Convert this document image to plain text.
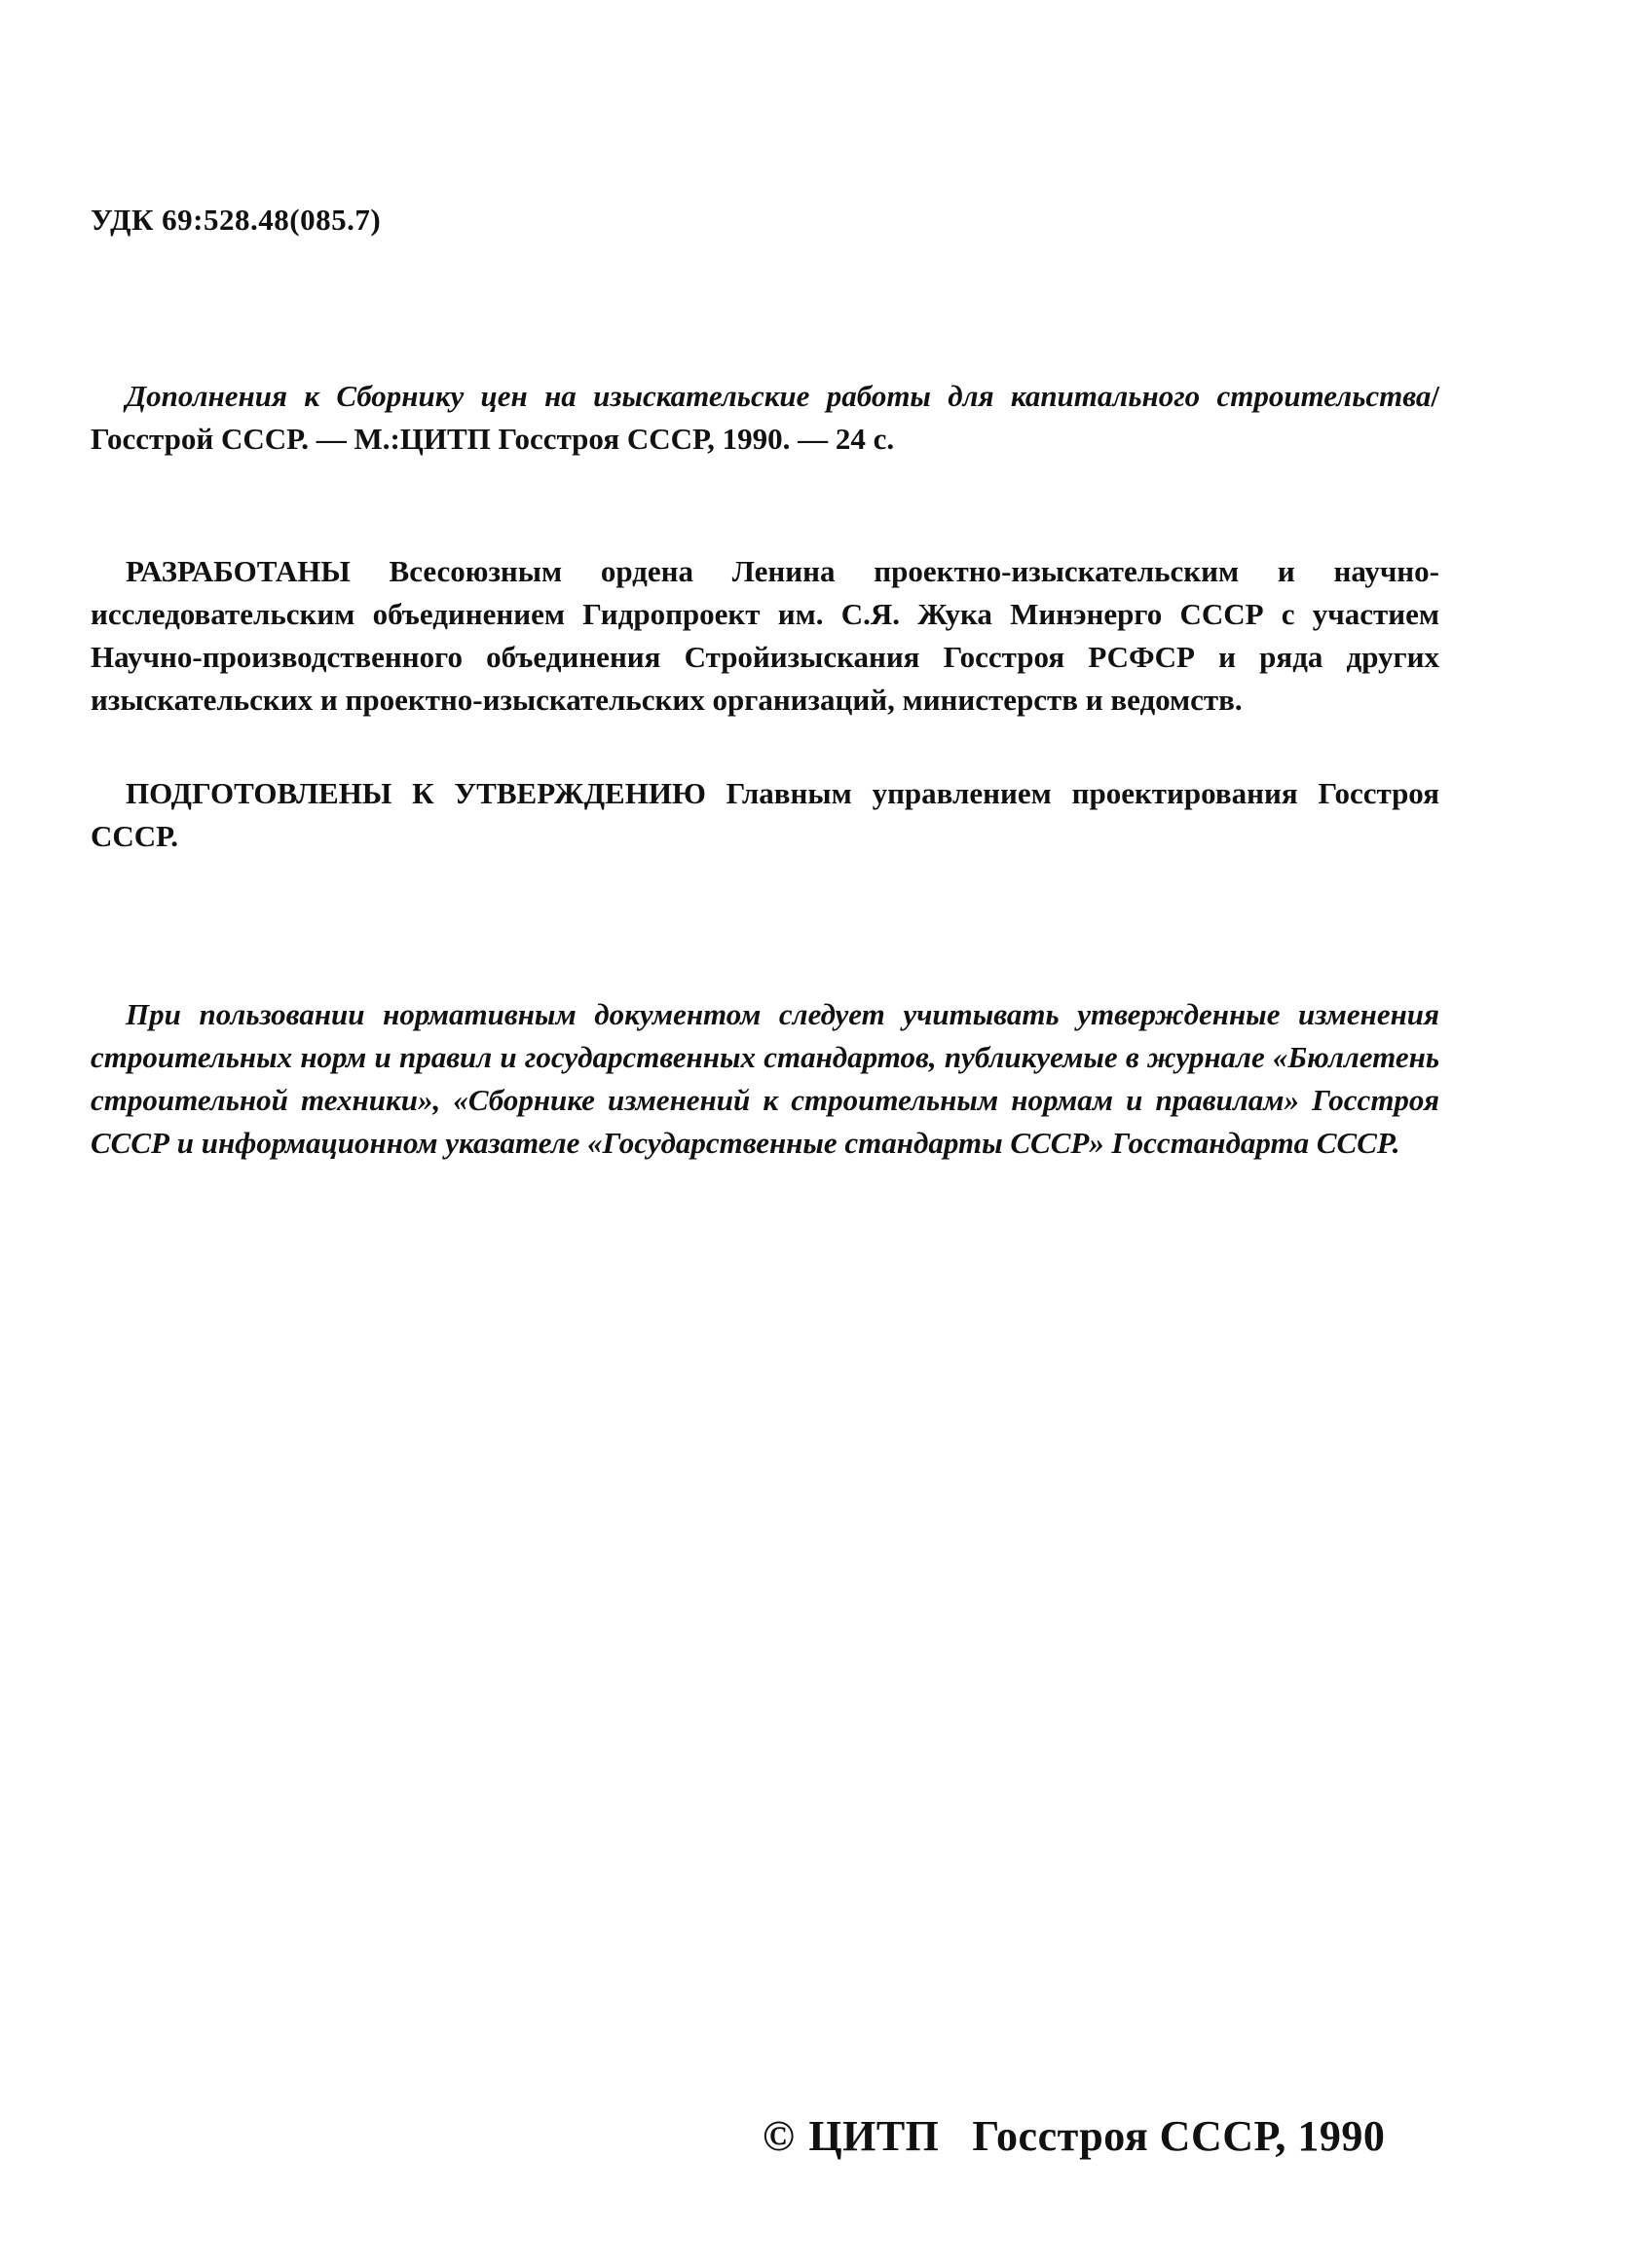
УДК 69:528.48(085.7)

Дополнения к Сборнику цен на изыскательские работы для капитального строительства/Госстрой СССР. — М.:ЦИТП Госстроя СССР, 1990. — 24 с.

РАЗРАБОТАНЫ Всесоюзным ордена Ленина проектно-изыскательским и научно-исследовательским объединением Гидропроект им. С.Я. Жука Минэнерго СССР с участием Научно-производственного объединения Стройизыскания Госстроя РСФСР и ряда других изыскательских и проектно-изыскательских организаций, министерств и ведомств.

ПОДГОТОВЛЕНЫ К УТВЕРЖДЕНИЮ Главным управлением проектирования Госстроя СССР.

При пользовании нормативным документом следует учитывать утвержденные изменения строительных норм и правил и государственных стандартов, публикуемые в журнале «Бюллетень строительной техники», «Сборнике изменений к строительным нормам и правилам» Госстроя СССР и информационном указателе «Государственные стандарты СССР» Госстандарта СССР.

© ЦИТП Госстроя СССР, 1990
